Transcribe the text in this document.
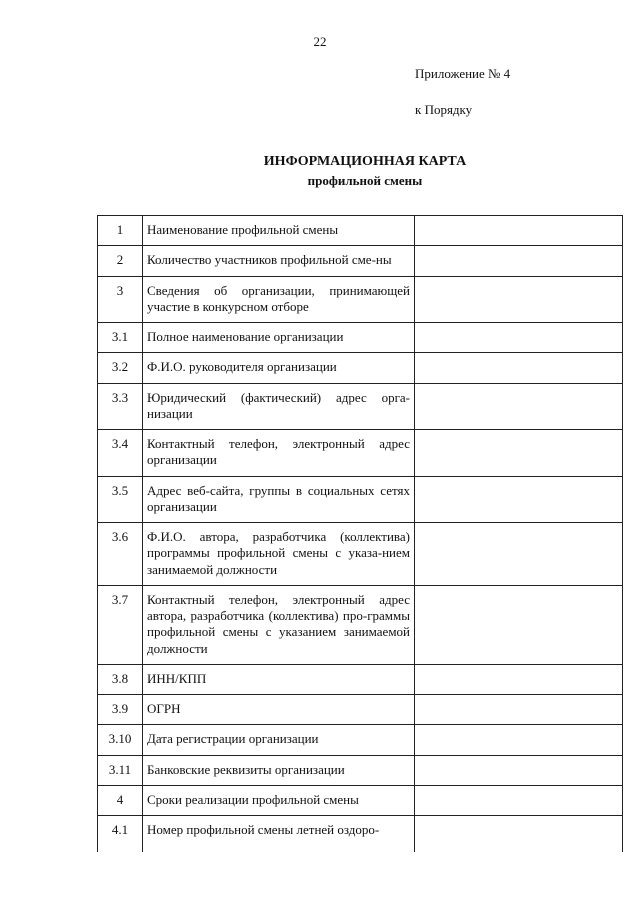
22
Приложение № 4
к Порядку
ИНФОРМАЦИОННАЯ КАРТА
профильной смены
1	Наименование профильной смены	
2	Количество участников профильной сме-ны	
3	Сведения об организации, принимающей участие в конкурсном отборе	
3.1	Полное наименование организации	
3.2	Ф.И.О. руководителя организации	
3.3	Юридический (фактический) адрес орга-низации	
3.4	Контактный телефон, электронный адрес организации	
3.5	Адрес веб-сайта, группы в социальных сетях организации	
3.6	Ф.И.О. автора, разработчика (коллектива) программы профильной смены с указа-нием занимаемой должности	
3.7	Контактный телефон, электронный адрес автора, разработчика (коллектива) про-граммы профильной смены с указанием занимаемой должности	
3.8	ИНН/КПП	
3.9	ОГРН	
3.10	Дата регистрации организации	
3.11	Банковские реквизиты организации	
4	Сроки реализации профильной смены	
4.1	Номер профильной смены летней оздоро-	
